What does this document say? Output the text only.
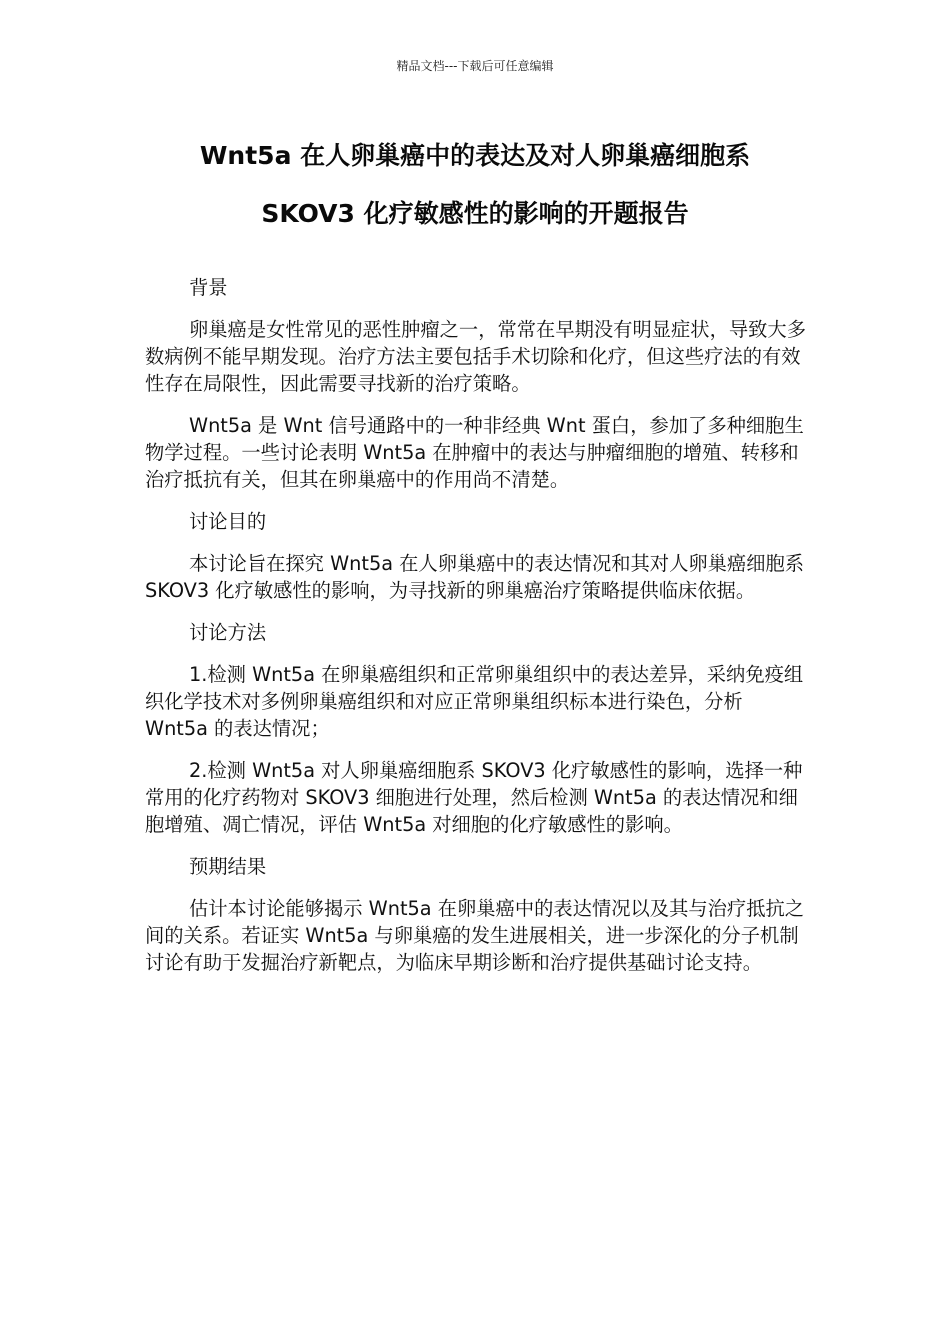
精品文档---下载后可任意编辑
Wnt5a 在人卵巢癌中的表达及对人卵巢癌细胞系
SKOV3 化疗敏感性的影响的开题报告

背景

卵巢癌是女性常见的恶性肿瘤之一，常常在早期没有明显症状，导致大多数病例不能早期发现。治疗方法主要包括手术切除和化疗，但这些疗法的有效性存在局限性，因此需要寻找新的治疗策略。

Wnt5a 是 Wnt 信号通路中的一种非经典 Wnt 蛋白，参加了多种细胞生物学过程。一些讨论表明 Wnt5a 在肿瘤中的表达与肿瘤细胞的增殖、转移和治疗抵抗有关，但其在卵巢癌中的作用尚不清楚。

讨论目的

本讨论旨在探究 Wnt5a 在人卵巢癌中的表达情况和其对人卵巢癌细胞系 SKOV3 化疗敏感性的影响，为寻找新的卵巢癌治疗策略提供临床依据。

讨论方法

1.检测 Wnt5a 在卵巢癌组织和正常卵巢组织中的表达差异，采纳免疫组织化学技术对多例卵巢癌组织和对应正常卵巢组织标本进行染色，分析 Wnt5a 的表达情况；

2.检测 Wnt5a 对人卵巢癌细胞系 SKOV3 化疗敏感性的影响，选择一种常用的化疗药物对 SKOV3 细胞进行处理，然后检测 Wnt5a 的表达情况和细胞增殖、凋亡情况，评估 Wnt5a 对细胞的化疗敏感性的影响。

预期结果

估计本讨论能够揭示 Wnt5a 在卵巢癌中的表达情况以及其与治疗抵抗之间的关系。若证实 Wnt5a 与卵巢癌的发生进展相关，进一步深化的分子机制讨论有助于发掘治疗新靶点，为临床早期诊断和治疗提供基础讨论支持。
